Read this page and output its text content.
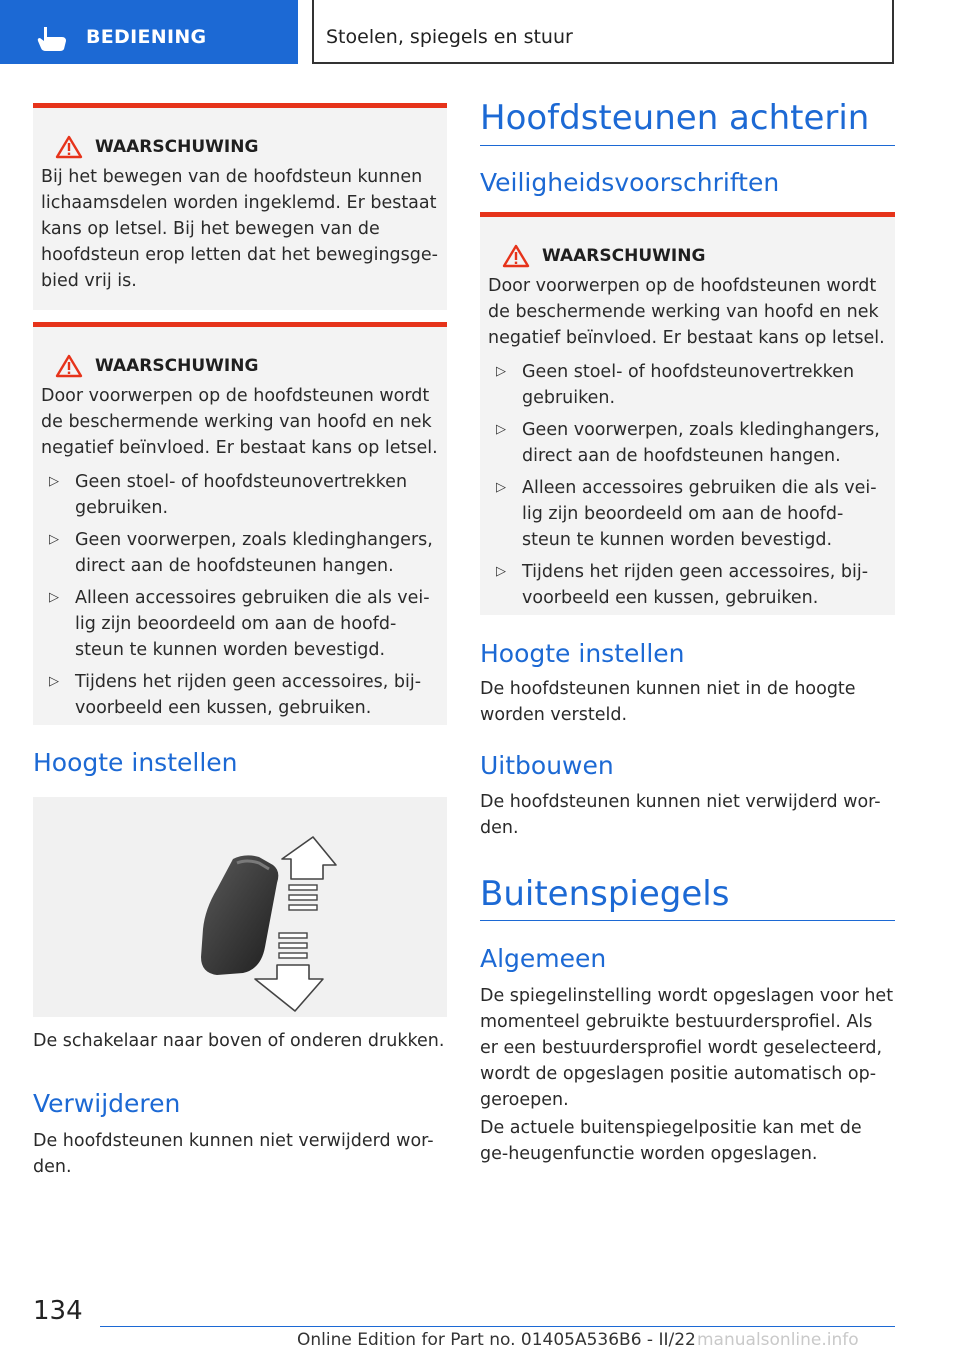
BEDIENING	Stoelen, spiegels en stuur
WAARSCHUWING

Bij het bewegen van de hoofdsteun kunnen lichaamsdelen worden ingeklemd. Er bestaat kans op letsel. Bij het bewegen van de hoofdsteun erop letten dat het bewegingsge-bied vrij is.

WAARSCHUWING

Door voorwerpen op de hoofdsteunen wordt de beschermende werking van hoofd en nek negatief beïnvloed. Er bestaat kans op letsel.

▷ Geen stoel- of hoofdsteunovertrekken gebruiken.
▷ Geen voorwerpen, zoals kledinghangers, direct aan de hoofdsteunen hangen.
▷ Alleen accessoires gebruiken die als vei-lig zijn beoordeeld om aan de hoofd-steun te kunnen worden bevestigd.
▷ Tijdens het rijden geen accessoires, bij-voorbeeld een kussen, gebruiken.
Hoogte instellen
De schakelaar naar boven of onderen drukken.
Verwijderen
De hoofdsteunen kunnen niet verwijderd wor-den.
Hoofdsteunen achterin
Veiligheidsvoorschriften
WAARSCHUWING

Door voorwerpen op de hoofdsteunen wordt de beschermende werking van hoofd en nek negatief beïnvloed. Er bestaat kans op letsel.

▷ Geen stoel- of hoofdsteunovertrekken gebruiken.
▷ Geen voorwerpen, zoals kledinghangers, direct aan de hoofdsteunen hangen.
▷ Alleen accessoires gebruiken die als vei-lig zijn beoordeeld om aan de hoofd-steun te kunnen worden bevestigd.
▷ Tijdens het rijden geen accessoires, bij-voorbeeld een kussen, gebruiken.
Hoogte instellen
De hoofdsteunen kunnen niet in de hoogte worden versteld.
Uitbouwen
De hoofdsteunen kunnen niet verwijderd wor-den.
Buitenspiegels
Algemeen
De spiegelinstelling wordt opgeslagen voor het momenteel gebruikte bestuurdersprofiel. Als er een bestuurdersprofiel wordt geselecteerd, wordt de opgeslagen positie automatisch op-geroepen.
De actuele buitenspiegelpositie kan met de ge-heugenfunctie worden opgeslagen.
134
Online Edition for Part no. 01405A536B6 - II/22 manualsonline.info
